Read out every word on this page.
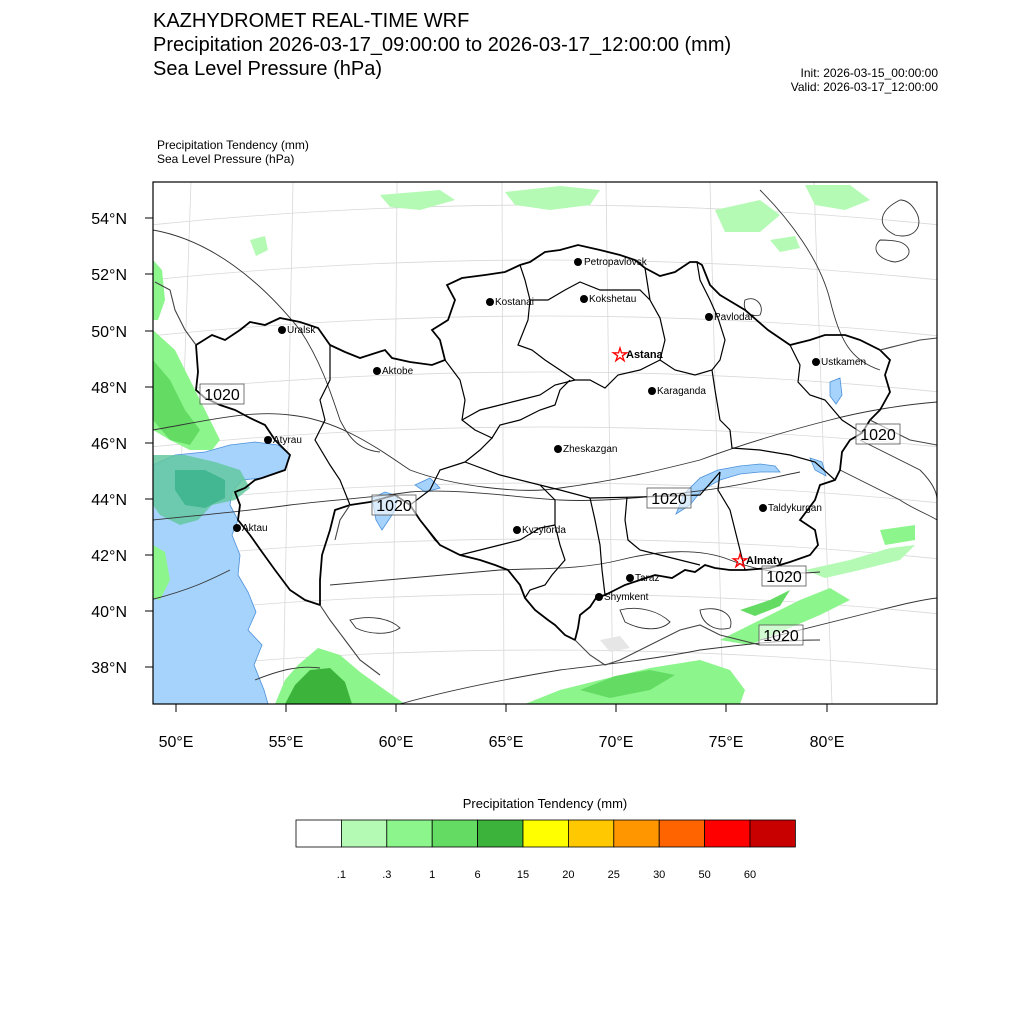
KAZHYDROMET REAL-TIME WRF
Precipitation 2026-03-17_09:00:00 to 2026-03-17_12:00:00 (mm)
Sea Level Pressure (hPa)	Init: 2026-03-15_00:00:00
Valid: 2026-03-17_12:00:00
Precipitation Tendency (mm)
Sea Level Pressure (hPa)
54°N
52°N
50°N
48°N
46°N
44°N
42°N
40°N
38°N
50°E	55°E	60°E	65°E	70°E	75°E	80°E
1020
1020	1020
1020
1020
1020
Petropavlovsk
Kostanai	Kokshetau
Pavlodar
Uralsk
Astana
Aktobe
Ustkamen
Karaganda
Atyrau
Zheskazgan
Aktau	Kyzylorda
Taldykurgan
Almaty
Taraz
Shymkent
Precipitation Tendency (mm)
.1	.3	1	6	15	20	25	30	50	60
